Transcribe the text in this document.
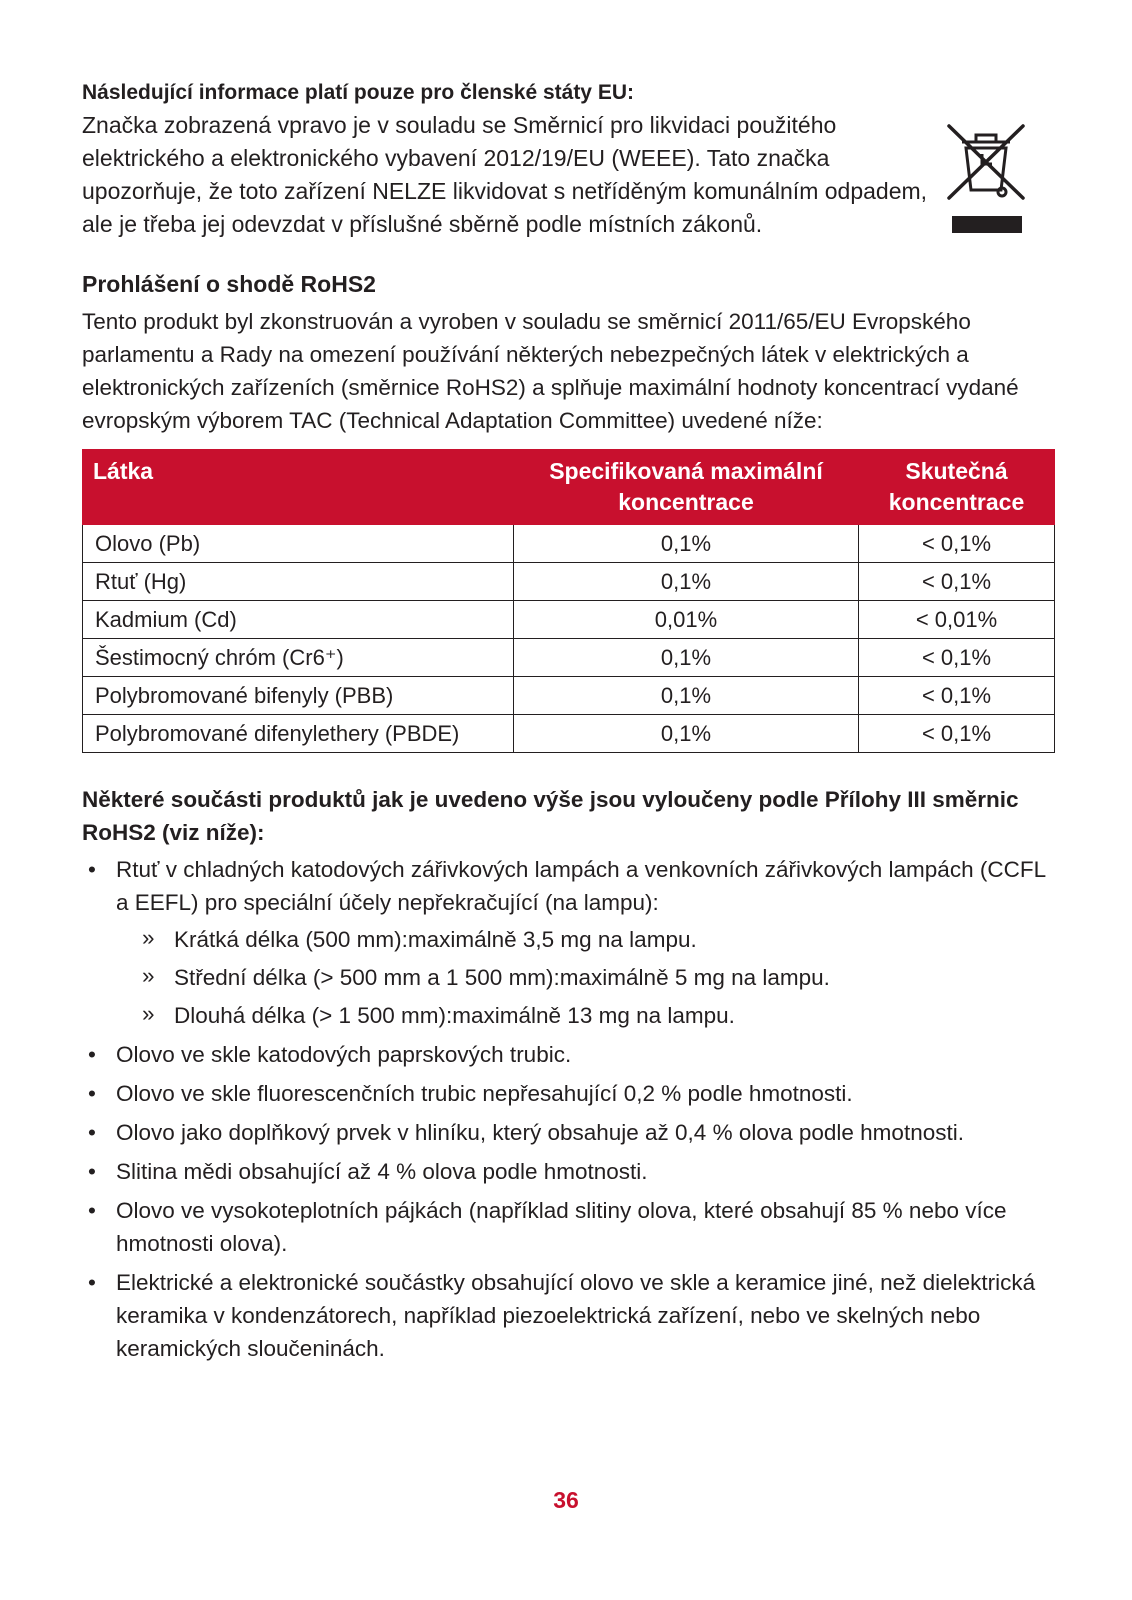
Následující informace platí pouze pro členské státy EU:

Značka zobrazená vpravo je v souladu se Směrnicí pro likvidaci použitého elektrického a elektronického vybavení 2012/19/EU (WEEE). Tato značka upozorňuje, že toto zařízení NELZE likvidovat s netříděným komunálním odpadem, ale je třeba jej odevzdat v příslušné sběrně podle místních zákonů.

Prohlášení o shodě RoHS2

Tento produkt byl zkonstruován a vyroben v souladu se směrnicí 2011/65/EU Evropského parlamentu a Rady na omezení používání některých nebezpečných látek v elektrických a elektronických zařízeních (směrnice RoHS2) a splňuje maximální hodnoty koncentrací vydané evropským výborem TAC (Technical Adaptation Committee) uvedené níže:

Látka	Specifikovaná maximální koncentrace	Skutečná koncentrace
Olovo (Pb)	0,1%	< 0,1%
Rtuť (Hg)	0,1%	< 0,1%
Kadmium (Cd)	0,01%	< 0,01%
Šestimocný chróm (Cr6⁺)	0,1%	< 0,1%
Polybromované bifenyly (PBB)	0,1%	< 0,1%
Polybromované difenylethery (PBDE)	0,1%	< 0,1%

Některé součásti produktů jak je uvedeno výše jsou vyloučeny podle Přílohy III směrnic RoHS2 (viz níže):

• Rtuť v chladných katodových zářivkových lampách a venkovních zářivkových lampách (CCFL a EEFL) pro speciální účely nepřekračující (na lampu):
» Krátká délka (500 mm):maximálně 3,5 mg na lampu.
» Střední délka (> 500 mm a 1 500 mm):maximálně 5 mg na lampu.
» Dlouhá délka (> 1 500 mm):maximálně 13 mg na lampu.
• Olovo ve skle katodových paprskových trubic.
• Olovo ve skle fluorescenčních trubic nepřesahující 0,2 % podle hmotnosti.
• Olovo jako doplňkový prvek v hliníku, který obsahuje až 0,4 % olova podle hmotnosti.
• Slitina mědi obsahující až 4 % olova podle hmotnosti.
• Olovo ve vysokoteplotních pájkách (například slitiny olova, které obsahují 85 % nebo více hmotnosti olova).
• Elektrické a elektronické součástky obsahující olovo ve skle a keramice jiné, než dielektrická keramika v kondenzátorech, například piezoelektrická zařízení, nebo ve skelných nebo keramických sloučeninách.
36
